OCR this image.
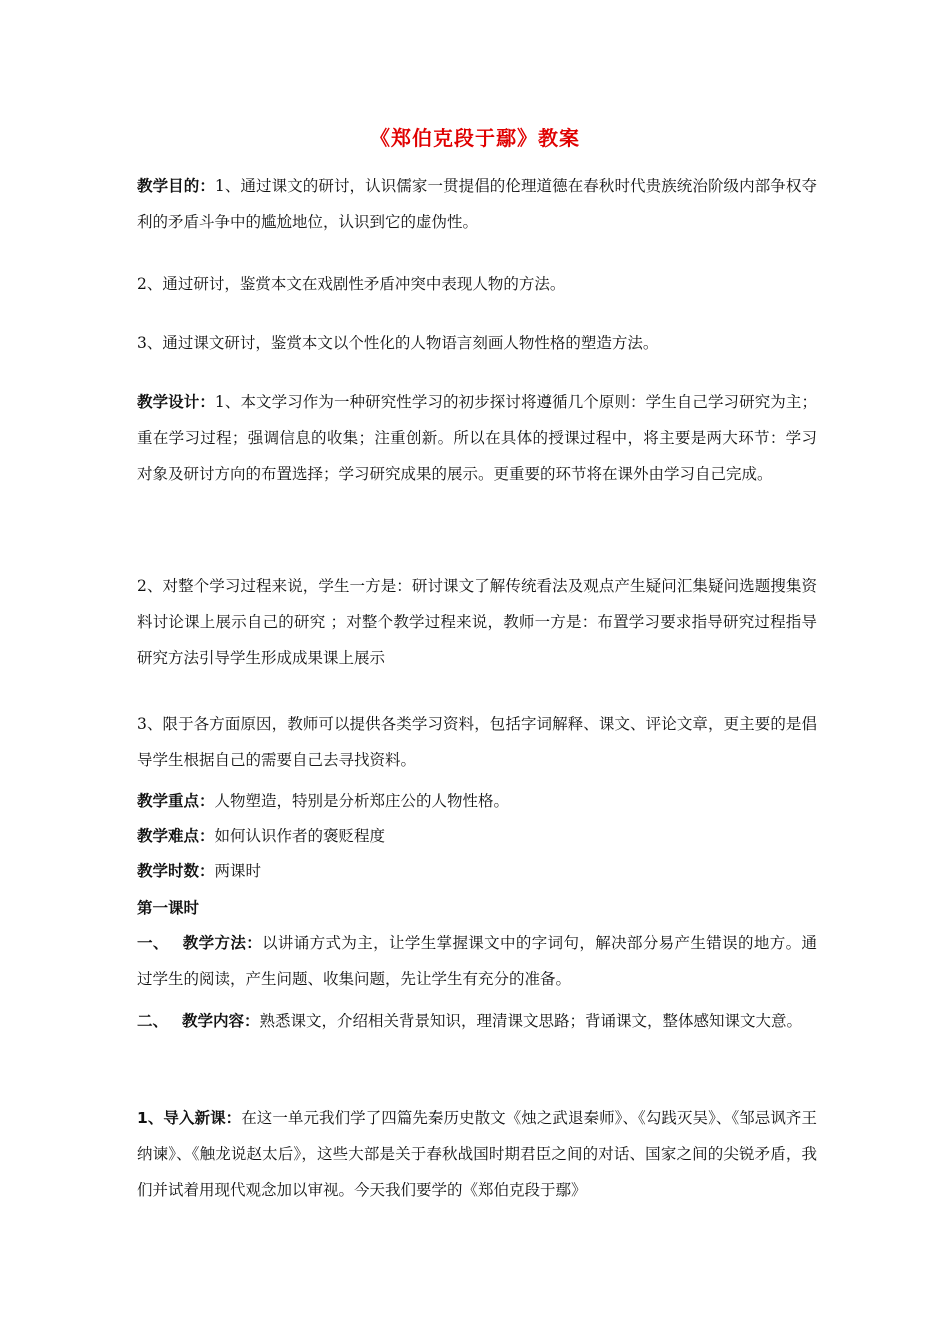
《郑伯克段于鄢》教案

教学目的：1、通过课文的研讨，认识儒家一贯提倡的伦理道德在春秋时代贵族统治阶级内部争权夺利的矛盾斗争中的尴尬地位，认识到它的虚伪性。

2、通过研讨，鉴赏本文在戏剧性矛盾冲突中表现人物的方法。

3、通过课文研讨，鉴赏本文以个性化的人物语言刻画人物性格的塑造方法。

教学设计：1、本文学习作为一种研究性学习的初步探讨将遵循几个原则：学生自己学习研究为主；重在学习过程；强调信息的收集；注重创新。所以在具体的授课过程中，将主要是两大环节：学习对象及研讨方向的布置选择；学习研究成果的展示。更重要的环节将在课外由学习自己完成。

2、对整个学习过程来说，学生一方是：研讨课文了解传统看法及观点产生疑问汇集疑问选题搜集资料讨论课上展示自己的研究 ；对整个教学过程来说，教师一方是：布置学习要求指导研究过程指导研究方法引导学生形成成果课上展示

3、限于各方面原因，教师可以提供各类学习资料，包括字词解释、课文、评论文章，更主要的是倡导学生根据自己的需要自己去寻找资料。

教学重点：人物塑造，特别是分析郑庄公的人物性格。

教学难点：如何认识作者的褒贬程度

教学时数：两课时

第一课时

一、 教学方法：以讲诵方式为主，让学生掌握课文中的字词句，解决部分易产生错误的地方。通过学生的阅读，产生问题、收集问题，先让学生有充分的准备。

二、 教学内容：熟悉课文，介绍相关背景知识，理清课文思路；背诵课文，整体感知课文大意。

1、导入新课：在这一单元我们学了四篇先秦历史散文《烛之武退秦师》、《勾践灭吴》、《邹忌讽齐王纳谏》、《触龙说赵太后》，这些大部是关于春秋战国时期君臣之间的对话、国家之间的尖锐矛盾，我们并试着用现代观念加以审视。今天我们要学的《郑伯克段于鄢》
